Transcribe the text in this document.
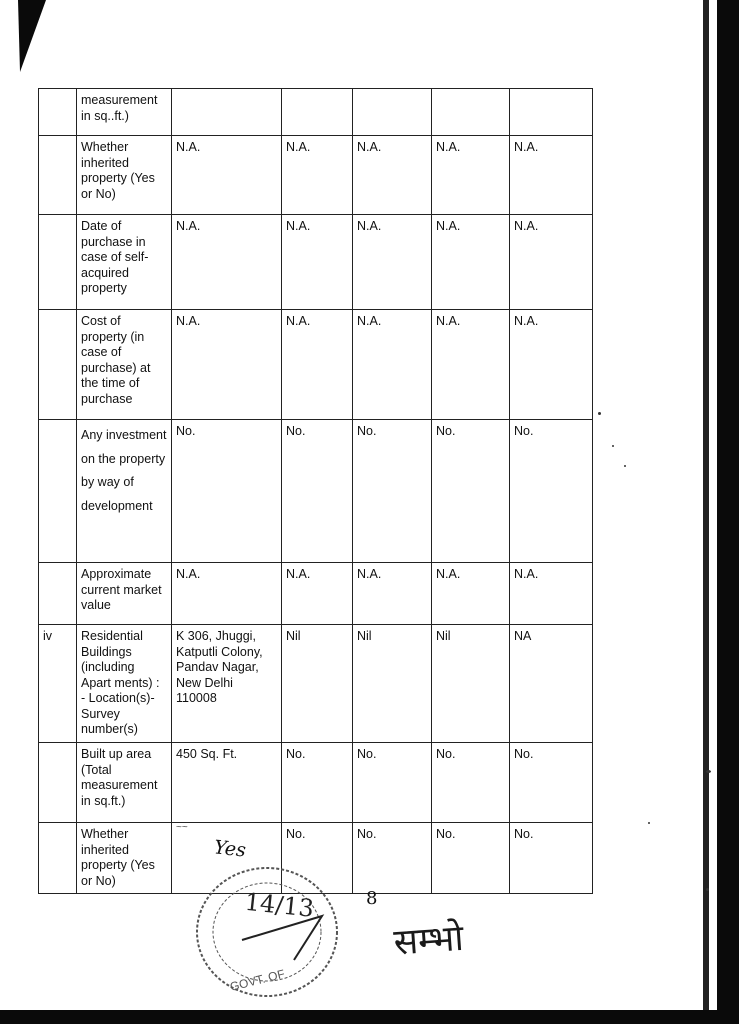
	measurement in sq..ft.)					
	Whether inherited property (Yes or No)	N.A.	N.A.	N.A.	N.A.	N.A.
	Date of purchase in case of self-acquired property	N.A.	N.A.	N.A.	N.A.	N.A.
	Cost of property (in case of purchase) at the time of purchase	N.A.	N.A.	N.A.	N.A.	N.A.
	Any investment on the property by way of development	No.	No.	No.	No.	No.
	Approximate current market value	N.A.	N.A.	N.A.	N.A.	N.A.
iv	Residential Buildings (including Apart ments) : - Location(s)- Survey number(s)	K 306, Jhuggi, Katputli Colony, Pandav Nagar, New Delhi 110008	Nil	Nil	Nil	NA
	Built up area (Total measurement in sq.ft.)	450 Sq. Ft.	No.	No.	No.	No.
	Whether inherited property (Yes or No)		No.	No.	No.	No.
~~
Yes
8
14/13
GOVT. OF
सम्भो
